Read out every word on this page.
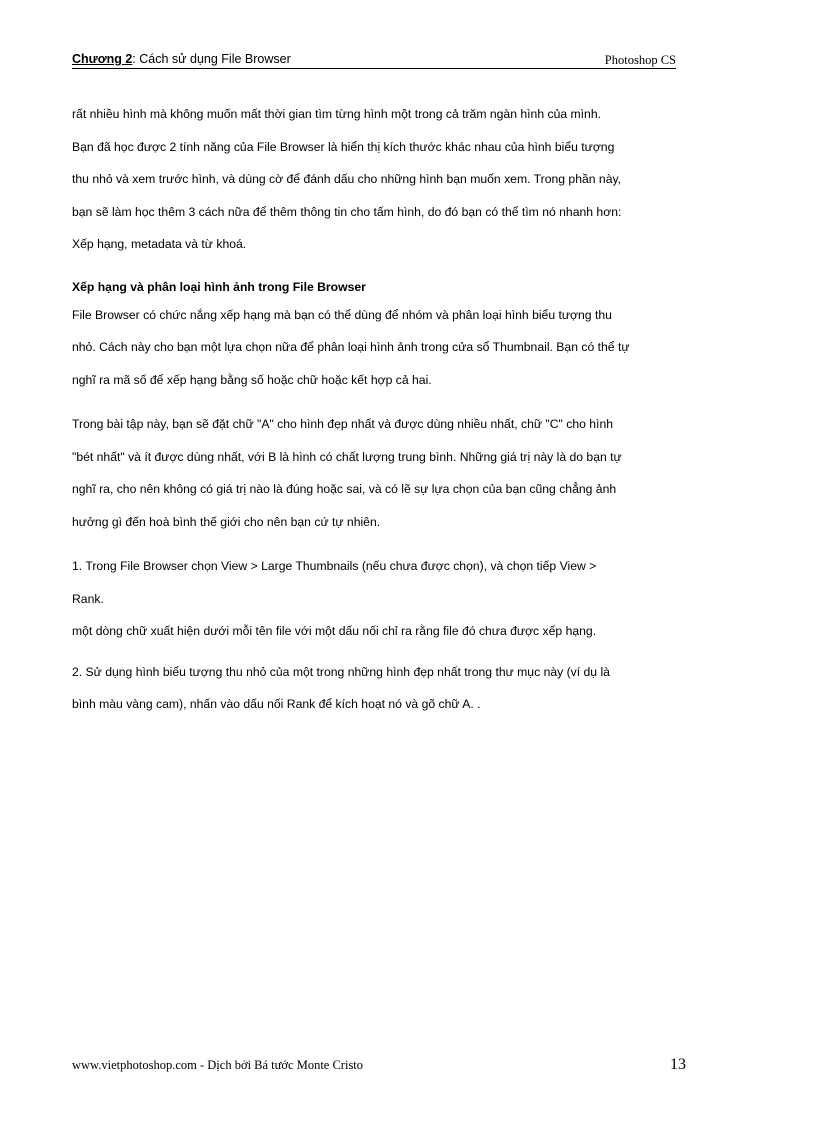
Chương 2: Cách sử dụng File Browser	Photoshop CS

rất nhiều hình mà không muốn mất thời gian tìm từng hình một trong cả trăm ngàn hình của mình.

Bạn đã học được 2 tính năng của File Browser là hiển thị kích thước khác nhau của hình biểu tượng

thu nhỏ và xem trước hình, và dùng cờ để đánh dấu cho những hình bạn muốn xem. Trong phần này,

bạn sẽ làm học thêm 3 cách nữa để thêm thông tin cho tấm hình, do đó bạn có thể tìm nó nhanh hơn:

Xếp hạng, metadata và từ khoá.

Xếp hạng và phân loại hình ảnh trong File Browser

File Browser có chức nắng xếp hạng mà bạn có thể dùng để nhóm và phân loại hình biểu tượng thu

nhỏ. Cách này cho bạn một lựa chọn nữa để phân loại hình ảnh trong cửa sổ Thumbnail. Bạn có thể tự

nghĩ ra mã số để xếp hạng bằng số hoặc chữ hoặc kết hợp cả hai.

Trong bài tập này, bạn sẽ đặt chữ "A" cho hình đẹp nhất và được dùng nhiều nhất, chữ "C" cho hình

"bét nhất" và ít được dùng nhất, với B là hình có chất lượng trung bình. Những giá trị này là do bạn tự

nghĩ ra, cho nên không có giá trị nào là đúng hoặc sai, và có lẽ sự lựa chọn của bạn cũng chẳng ảnh

hưởng gì đến hoà bình thế giới cho nên bạn cứ tự nhiên.

1. Trong File Browser chọn View > Large Thumbnails (nếu chưa được chọn), và chọn tiếp View >

Rank.

một dòng chữ xuất hiện dưới mỗi tên file với một dấu nối chỉ ra rằng file đó chưa được xếp hạng.

2. Sử dụng hình biểu tượng thu nhỏ của một trong những hình đẹp nhất trong thư mục này (ví dụ là

bình màu vàng cam), nhấn vào dấu nối Rank để kích hoạt nó và gõ chữ A. .

www.vietphotoshop.com - Dịch bởi Bá tước Monte Cristo	13
